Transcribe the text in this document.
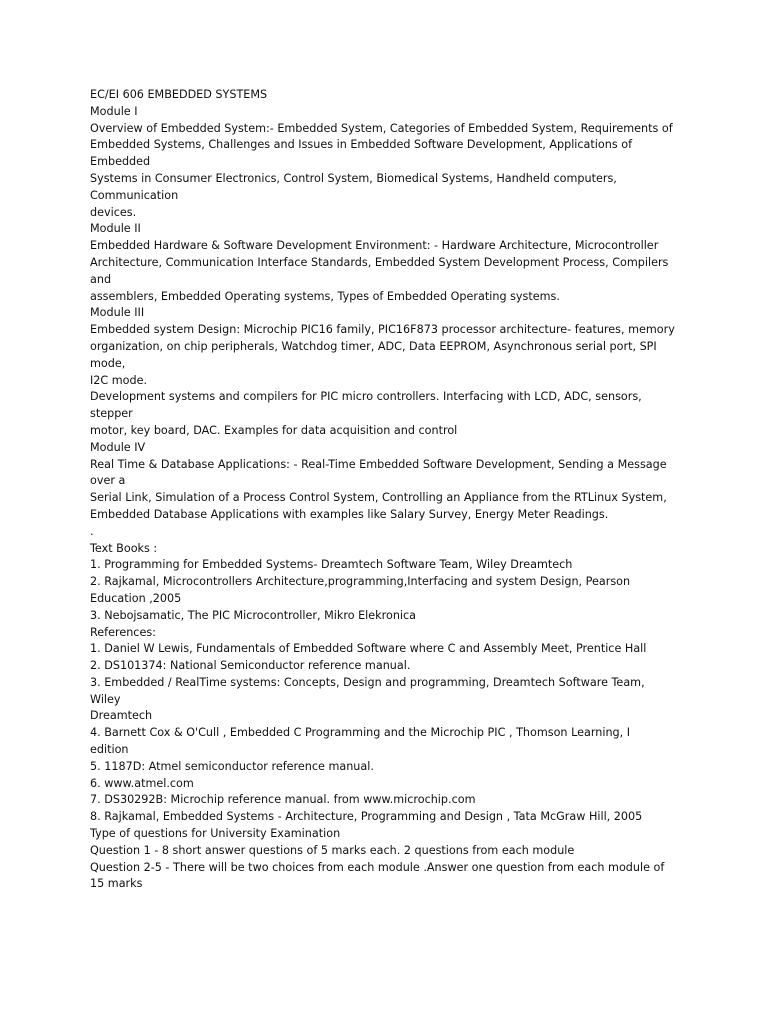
EC/EI 606 EMBEDDED SYSTEMS
Module I
Overview of Embedded System:- Embedded System, Categories of Embedded System, Requirements of
Embedded Systems, Challenges and Issues in Embedded Software Development, Applications of
Embedded
Systems in Consumer Electronics, Control System, Biomedical Systems, Handheld computers,
Communication
devices.
Module II
Embedded Hardware & Software Development Environment: - Hardware Architecture, Microcontroller
Architecture, Communication Interface Standards, Embedded System Development Process, Compilers
and
assemblers, Embedded Operating systems, Types of Embedded Operating systems.
Module III
Embedded system Design: Microchip PIC16 family, PIC16F873 processor architecture- features, memory
organization, on chip peripherals, Watchdog timer, ADC, Data EEPROM, Asynchronous serial port, SPI
mode,
I2C mode.
Development systems and compilers for PIC micro controllers. Interfacing with LCD, ADC, sensors,
stepper
motor, key board, DAC. Examples for data acquisition and control
Module IV
Real Time & Database Applications: - Real-Time Embedded Software Development, Sending a Message
over a
Serial Link, Simulation of a Process Control System, Controlling an Appliance from the RTLinux System,
Embedded Database Applications with examples like Salary Survey, Energy Meter Readings.
.
Text Books :
1. Programming for Embedded Systems- Dreamtech Software Team, Wiley Dreamtech
2. Rajkamal, Microcontrollers Architecture,programming,Interfacing and system Design, Pearson
Education ,2005
3. Nebojsamatic, The PIC Microcontroller, Mikro Elekronica
References:
1. Daniel W Lewis, Fundamentals of Embedded Software where C and Assembly Meet, Prentice Hall
2. DS101374: National Semiconductor reference manual.
3. Embedded / RealTime systems: Concepts, Design and programming, Dreamtech Software Team,
Wiley
Dreamtech
4. Barnett Cox & O'Cull , Embedded C Programming and the Microchip PIC , Thomson Learning, I
edition
5. 1187D: Atmel semiconductor reference manual.
6. www.atmel.com
7. DS30292B: Microchip reference manual. from www.microchip.com
8. Rajkamal, Embedded Systems - Architecture, Programming and Design , Tata McGraw Hill, 2005
Type of questions for University Examination
Question 1 - 8 short answer questions of 5 marks each. 2 questions from each module
Question 2-5 - There will be two choices from each module .Answer one question from each module of
15 marks
